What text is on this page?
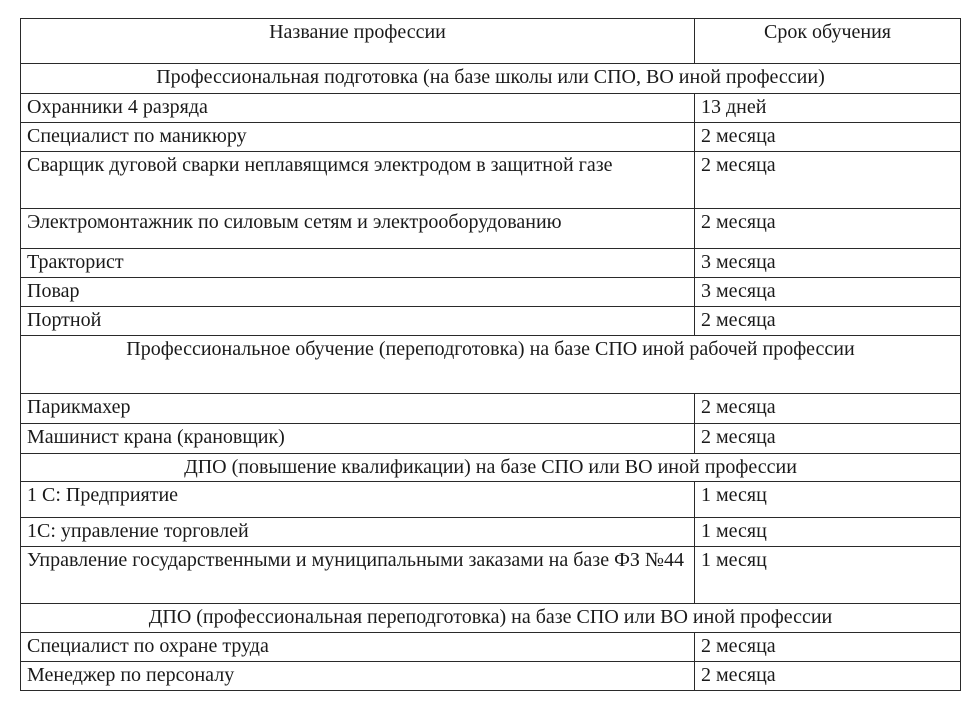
Название профессии	Срок обучения
Профессиональная подготовка (на базе школы или СПО, ВО иной профессии)	
Охранники 4 разряда	13 дней
Специалист по маникюру	2 месяца
Сварщик дуговой сварки неплавящимся электродом в защитной газе	2 месяца
Электромонтажник по силовым сетям и электрооборудованию	2 месяца
Тракторист	3 месяца
Повар	3 месяца
Портной	2 месяца
Профессиональное обучение (переподготовка) на базе СПО иной рабочей профессии	
Парикмахер	2 месяца
Машинист крана (крановщик)	2 месяца
ДПО (повышение квалификации) на базе СПО или ВО иной профессии	
1 С: Предприятие	1 месяц
1С: управление торговлей	1 месяц
Управление государственными и муниципальными заказами на базе ФЗ №44	1 месяц
ДПО (профессиональная переподготовка) на базе СПО или ВО иной профессии	
Специалист по охране труда	2 месяца
Менеджер по персоналу	2 месяца
